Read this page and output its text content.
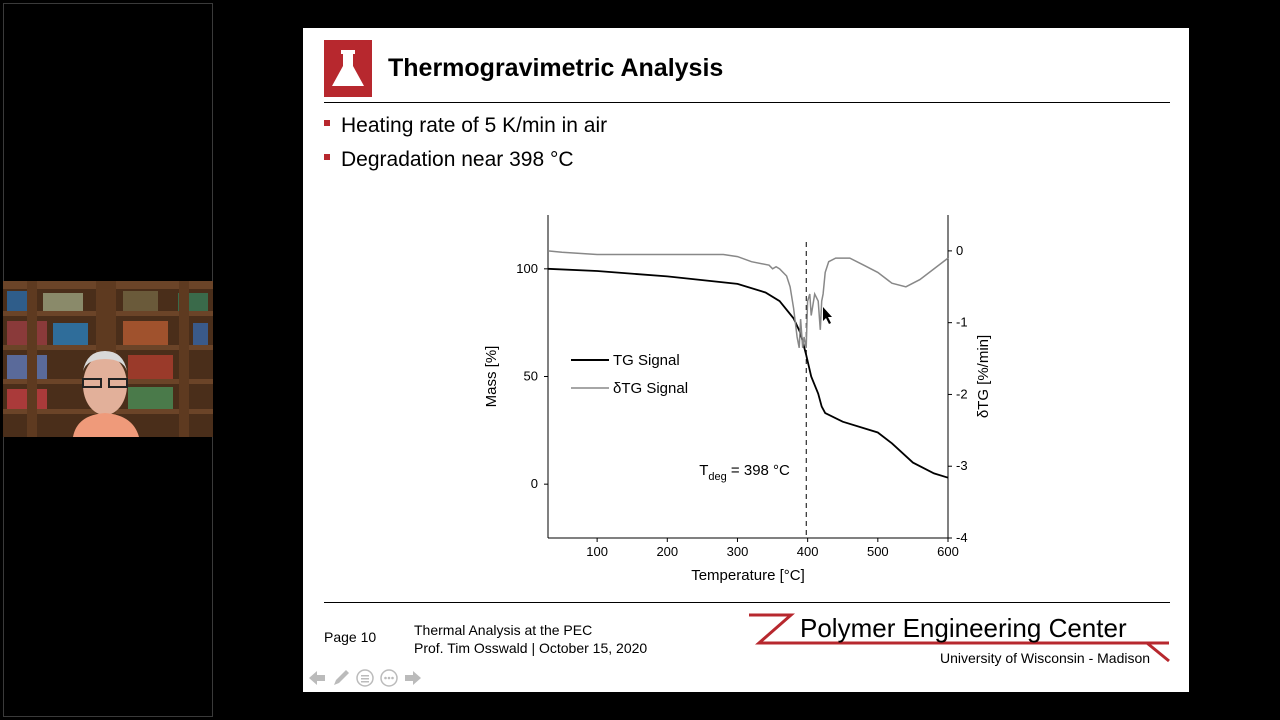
Thermogravimetric Analysis
Heating rate of 5 K/min in air
Degradation near 398 °C
100	200	300	400	500	600
0
50
100
0
-1
-2
-3
-4
Temperature [°C]
Mass [%]	δTG [%/min]
$T_{deg} = 398$ °C
TG Signal
δTG Signal
Page 10	Thermal Analysis at the PEC
Prof. Tim Osswald | October 15, 2020
Polymer Engineering Center
University of Wisconsin - Madison
